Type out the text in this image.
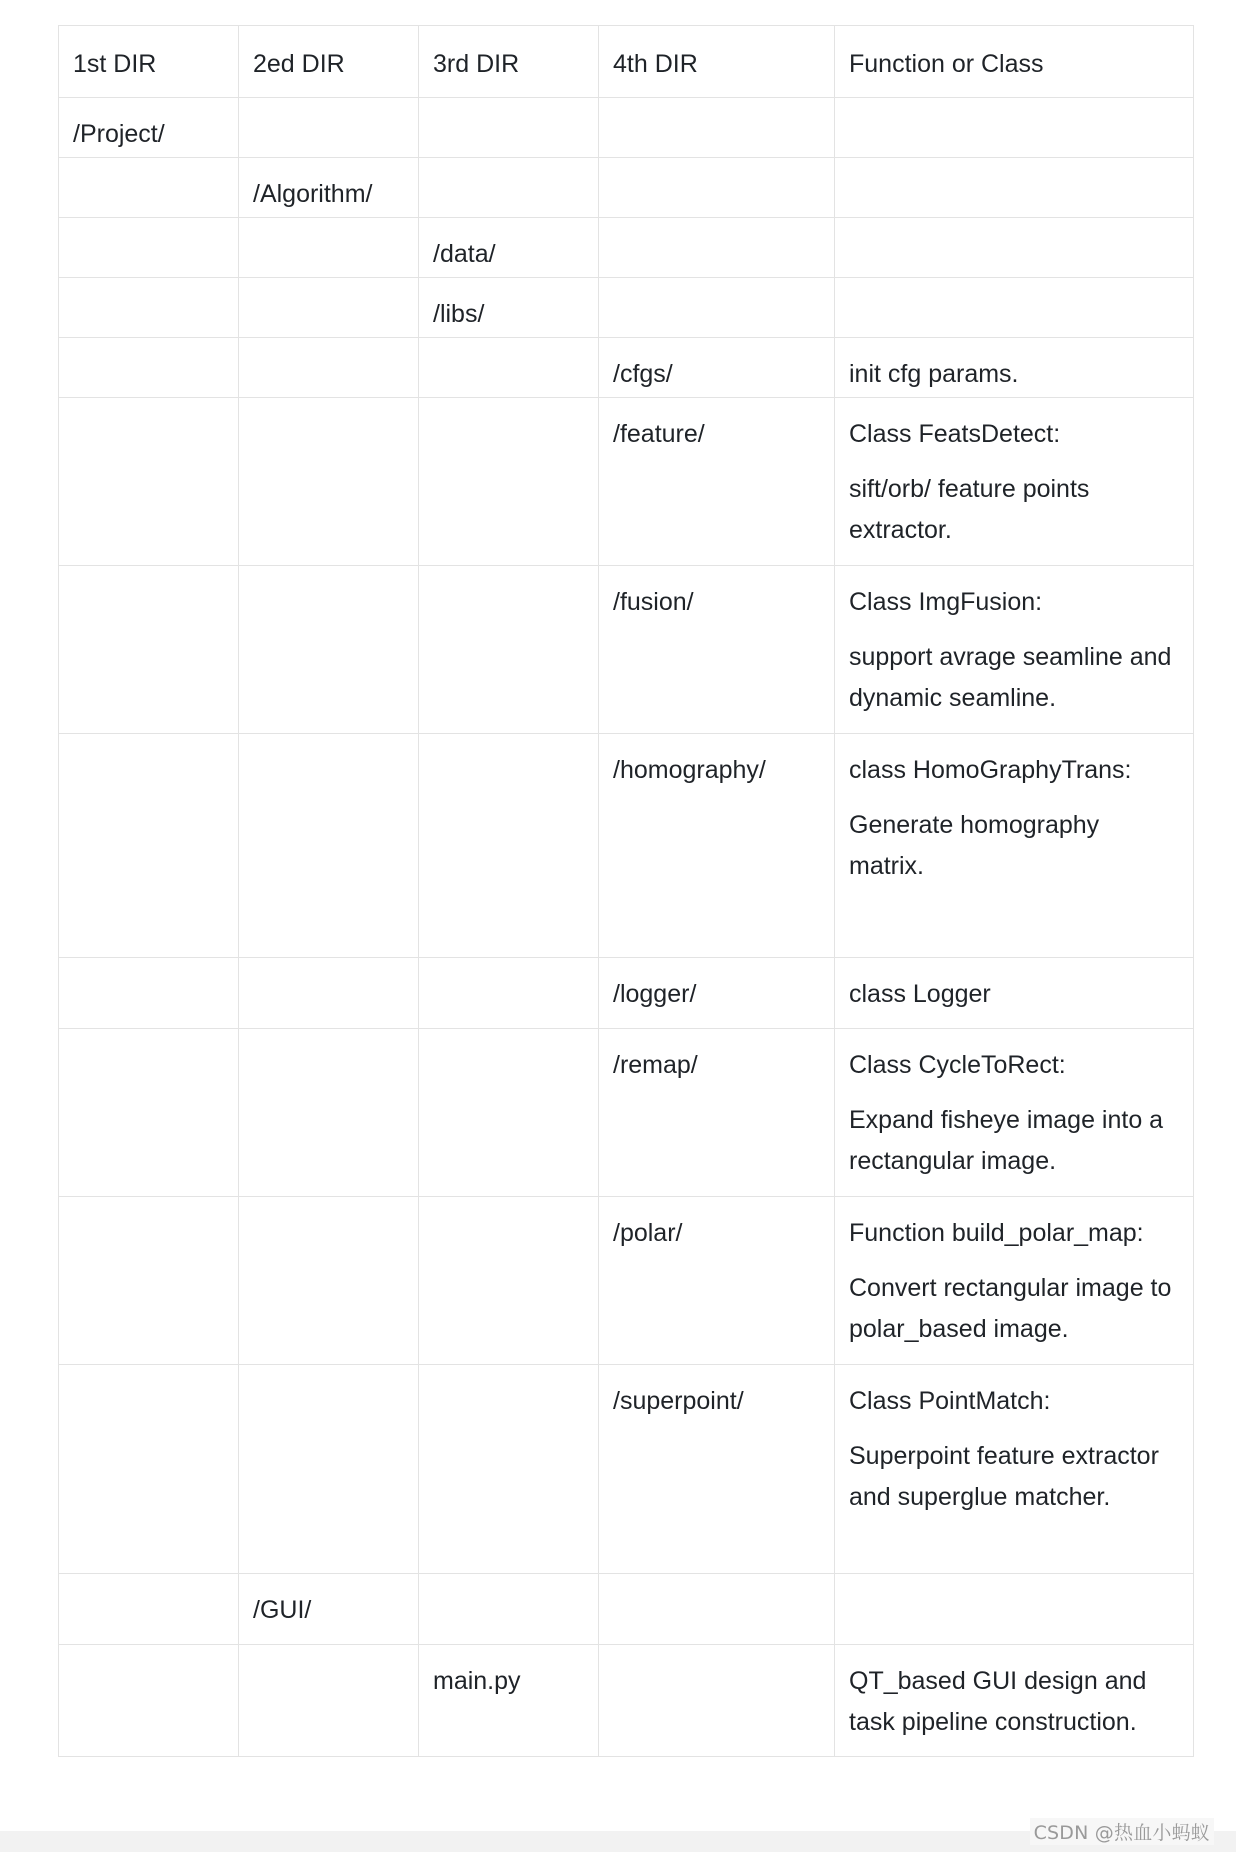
1st DIR	2ed DIR	3rd DIR	4th DIR	Function or Class

/Project/				

	/Algorithm/			

		/data/		

		/libs/		

			/cfgs/	init cfg params.

			/feature/	Class FeatsDetect:
sift/orb/ feature points extractor.

			/fusion/	Class ImgFusion:
support avrage seamline and dynamic seamline.

			/homography/	class HomoGraphyTrans:
Generate homography matrix.

			/logger/	class Logger

			/remap/	Class CycleToRect:
Expand fisheye image into a rectangular image.

			/polar/	Function build_polar_map:
Convert rectangular image to polar_based image.

			/superpoint/	Class PointMatch:
Superpoint feature extractor and superglue matcher.

	/GUI/			

		main.py		QT_based GUI design and task pipeline construction.
CSDN @热血小蚂蚁
